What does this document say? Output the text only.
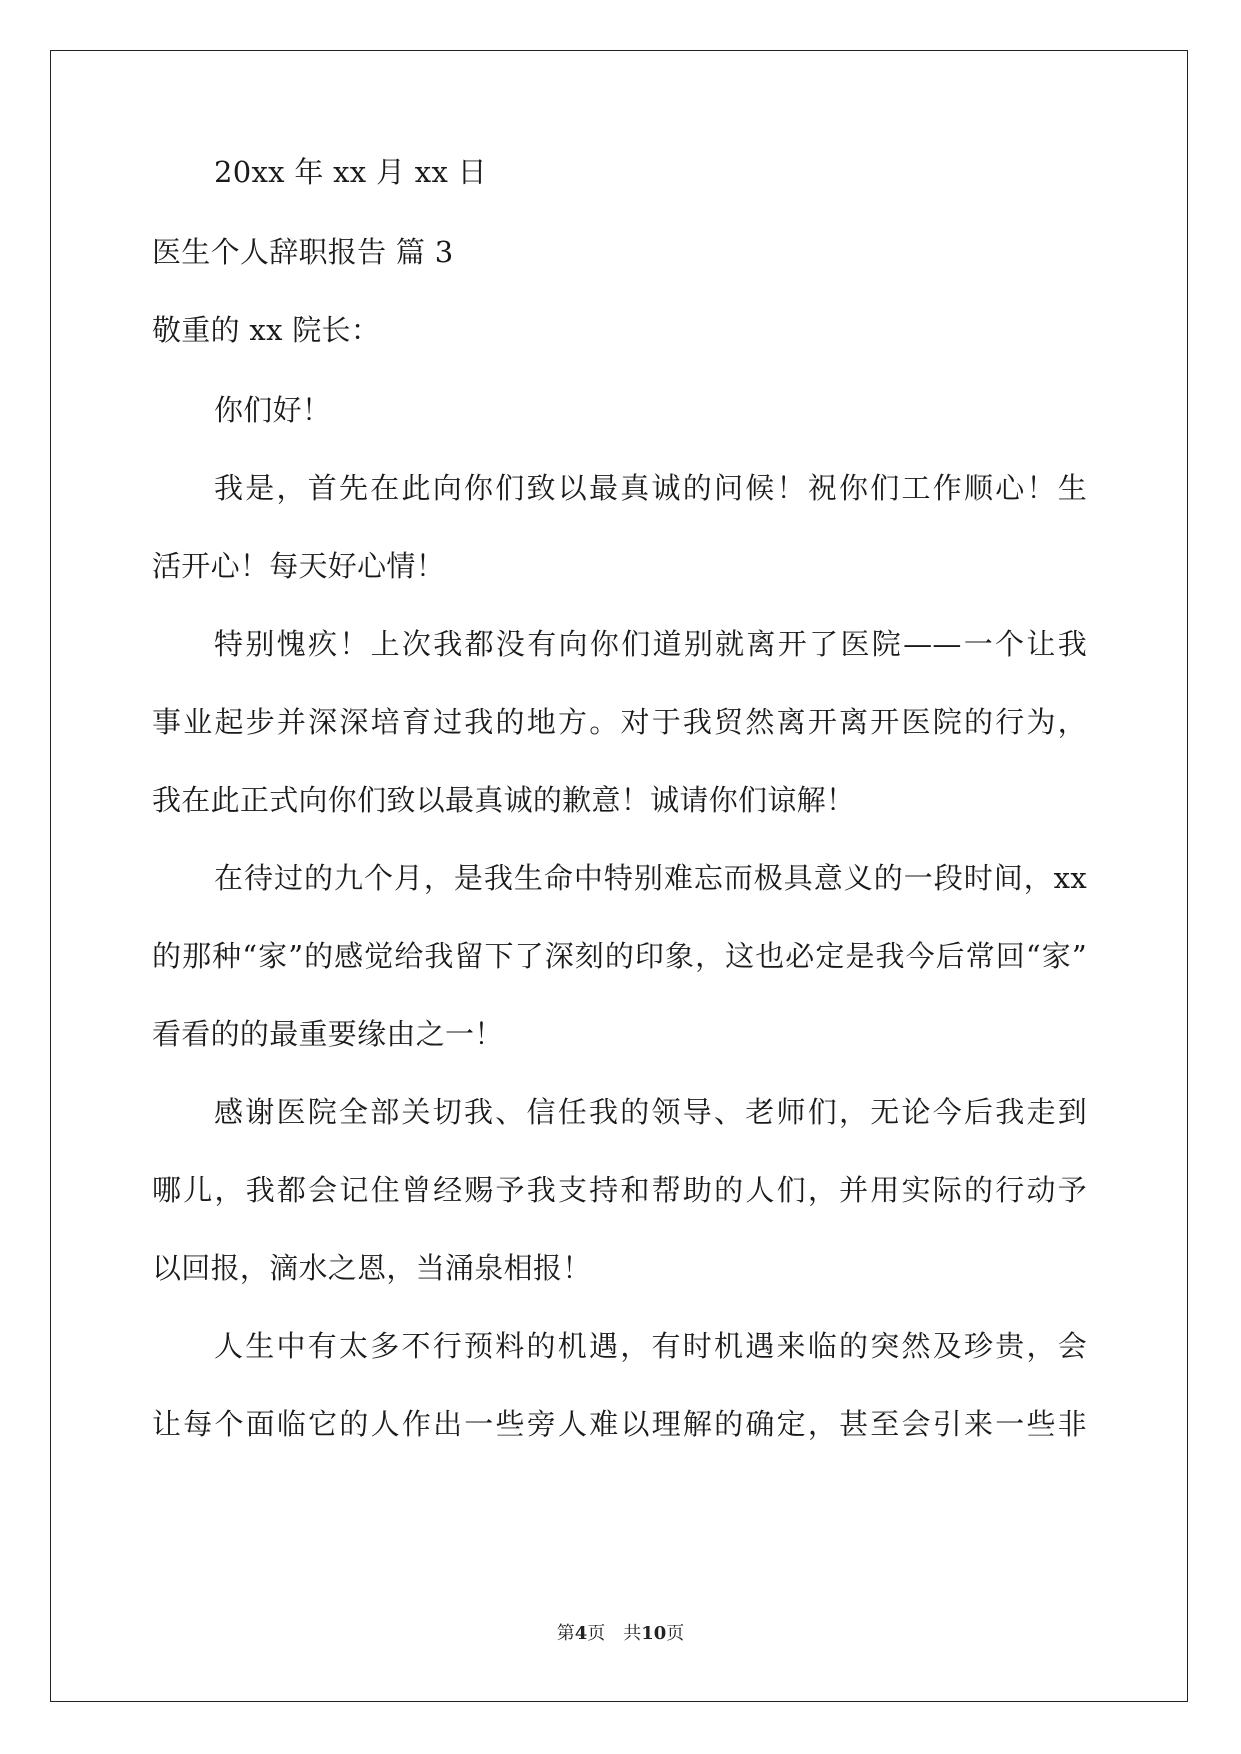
20xx 年 xx 月 xx 日
医生个人辞职报告 篇 3
敬重的 xx 院长：
你们好！
我是，首先在此向你们致以最真诚的问候！祝你们工作顺心！生
活开心！每天好心情！
特别愧疚！上次我都没有向你们道别就离开了医院——一个让我
事业起步并深深培育过我的地方。对于我贸然离开离开医院的行为，
我在此正式向你们致以最真诚的歉意！诚请你们谅解！
在待过的九个月，是我生命中特别难忘而极具意义的一段时间，xx
的那种“家”的感觉给我留下了深刻的印象，这也必定是我今后常回“家”
看看的的最重要缘由之一！
感谢医院全部关切我、信任我的领导、老师们，无论今后我走到
哪儿，我都会记住曾经赐予我支持和帮助的人们，并用实际的行动予
以回报，滴水之恩，当涌泉相报！
人生中有太多不行预料的机遇，有时机遇来临的突然及珍贵，会
让每个面临它的人作出一些旁人难以理解的确定，甚至会引来一些非
第4页 共10页
